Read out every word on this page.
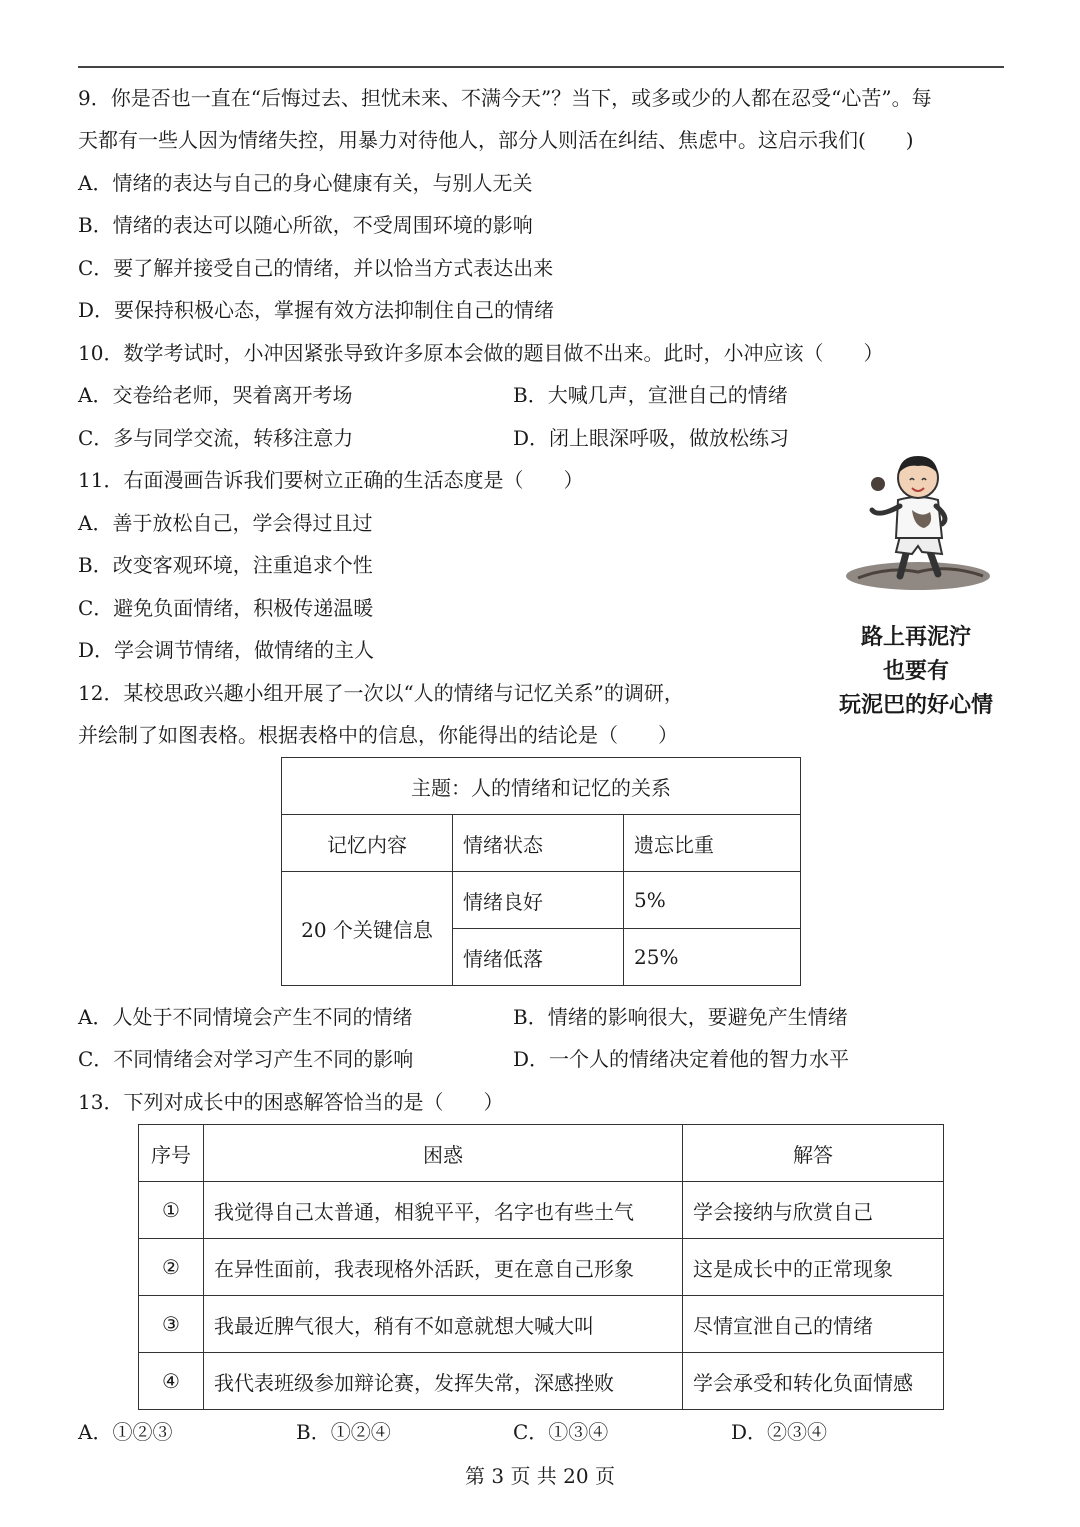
9．你是否也一直在“后悔过去、担忧未来、不满今天”？当下，或多或少的人都在忍受“心苦”。每
天都有一些人因为情绪失控，用暴力对待他人，部分人则活在纠结、焦虑中。这启示我们(　　)
A．情绪的表达与自己的身心健康有关，与别人无关
B．情绪的表达可以随心所欲，不受周围环境的影响
C．要了解并接受自己的情绪，并以恰当方式表达出来
D．要保持积极心态，掌握有效方法抑制住自己的情绪
10．数学考试时，小冲因紧张导致许多原本会做的题目做不出来。此时，小冲应该（　　）
A．交卷给老师，哭着离开考场	B．大喊几声，宣泄自己的情绪
C．多与同学交流，转移注意力	D．闭上眼深呼吸，做放松练习
11．右面漫画告诉我们要树立正确的生活态度是（　　）
A．善于放松自己，学会得过且过
B．改变客观环境，注重追求个性
C．避免负面情绪，积极传递温暖
D．学会调节情绪，做情绪的主人	路上再泥泞
也要有
玩泥巴的好心情
12．某校思政兴趣小组开展了一次以“人的情绪与记忆关系”的调研，
并绘制了如图表格。根据表格中的信息，你能得出的结论是（　　）
主题：人的情绪和记忆的关系		
记忆内容	情绪状态	遗忘比重
20 个关键信息	情绪良好	5%
	情绪低落	25%
A．人处于不同情境会产生不同的情绪	B．情绪的影响很大，要避免产生情绪
C．不同情绪会对学习产生不同的影响	D．一个人的情绪决定着他的智力水平
13．下列对成长中的困惑解答恰当的是（　　）
序号	困惑	解答
①	我觉得自己太普通，相貌平平，名字也有些土气	学会接纳与欣赏自己
②	在异性面前，我表现格外活跃，更在意自己形象	这是成长中的正常现象
③	我最近脾气很大，稍有不如意就想大喊大叫	尽情宣泄自己的情绪
④	我代表班级参加辩论赛，发挥失常，深感挫败	学会承受和转化负面情感
A．①②③	B．①②④	C．①③④	D．②③④
第 3 页 共 20 页
